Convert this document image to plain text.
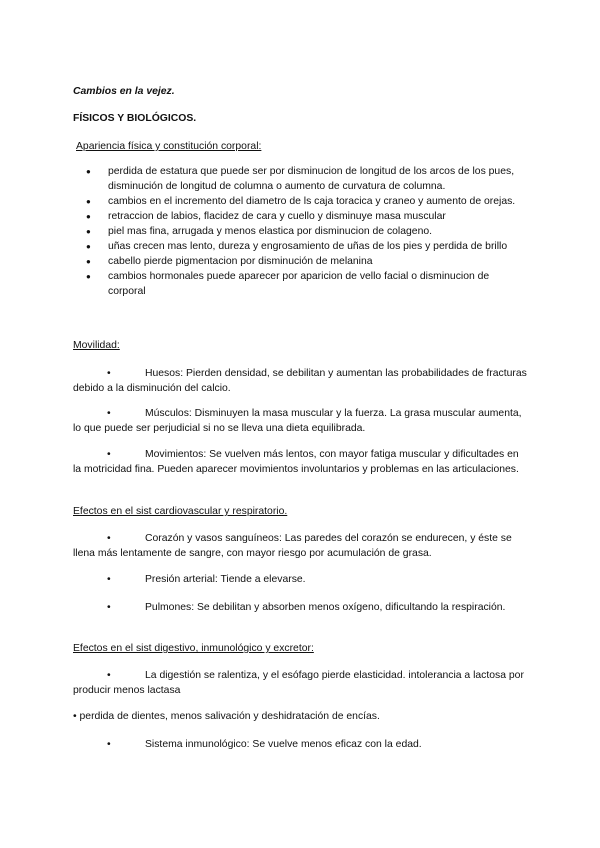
Cambios en la vejez.
FÍSICOS Y BIOLÓGICOS.
Apariencia física y constitución corporal:
● perdida de estatura que puede ser por disminucion de longitud de los arcos de los pues, disminución de longitud de columna o aumento de curvatura de columna.
● cambios en el incremento del diametro de ls caja toracica y craneo y aumento de orejas.
● retraccion de labios, flacidez de cara y cuello y disminuye masa muscular
● piel mas fina, arrugada y menos elastica por disminucion de colageno.
● uñas crecen mas lento, dureza y engrosamiento de uñas de los pies y perdida de brillo
● cabello pierde pigmentacion por disminución de melanina
● cambios hormonales puede aparecer por aparicion de vello facial o disminucion de corporal
Movilidad:
•	Huesos: Pierden densidad, se debilitan y aumentan las probabilidades de fracturas debido a la disminución del calcio.
•	Músculos: Disminuyen la masa muscular y la fuerza. La grasa muscular aumenta, lo que puede ser perjudicial si no se lleva una dieta equilibrada.
•	Movimientos: Se vuelven más lentos, con mayor fatiga muscular y dificultades en la motricidad fina. Pueden aparecer movimientos involuntarios y problemas en las articulaciones.
Efectos en el sist cardiovascular y respiratorio.
•	Corazón y vasos sanguíneos: Las paredes del corazón se endurecen, y éste se llena más lentamente de sangre, con mayor riesgo por acumulación de grasa.
•	Presión arterial: Tiende a elevarse.
•	Pulmones: Se debilitan y absorben menos oxígeno, dificultando la respiración.
Efectos en el sist digestivo, inmunológico y excretor:
•	La digestión se ralentiza, y el esófago pierde elasticidad. intolerancia a lactosa por producir menos lactasa
• perdida de dientes, menos salivación y deshidratación de encías.
•	Sistema inmunológico: Se vuelve menos eficaz con la edad.
